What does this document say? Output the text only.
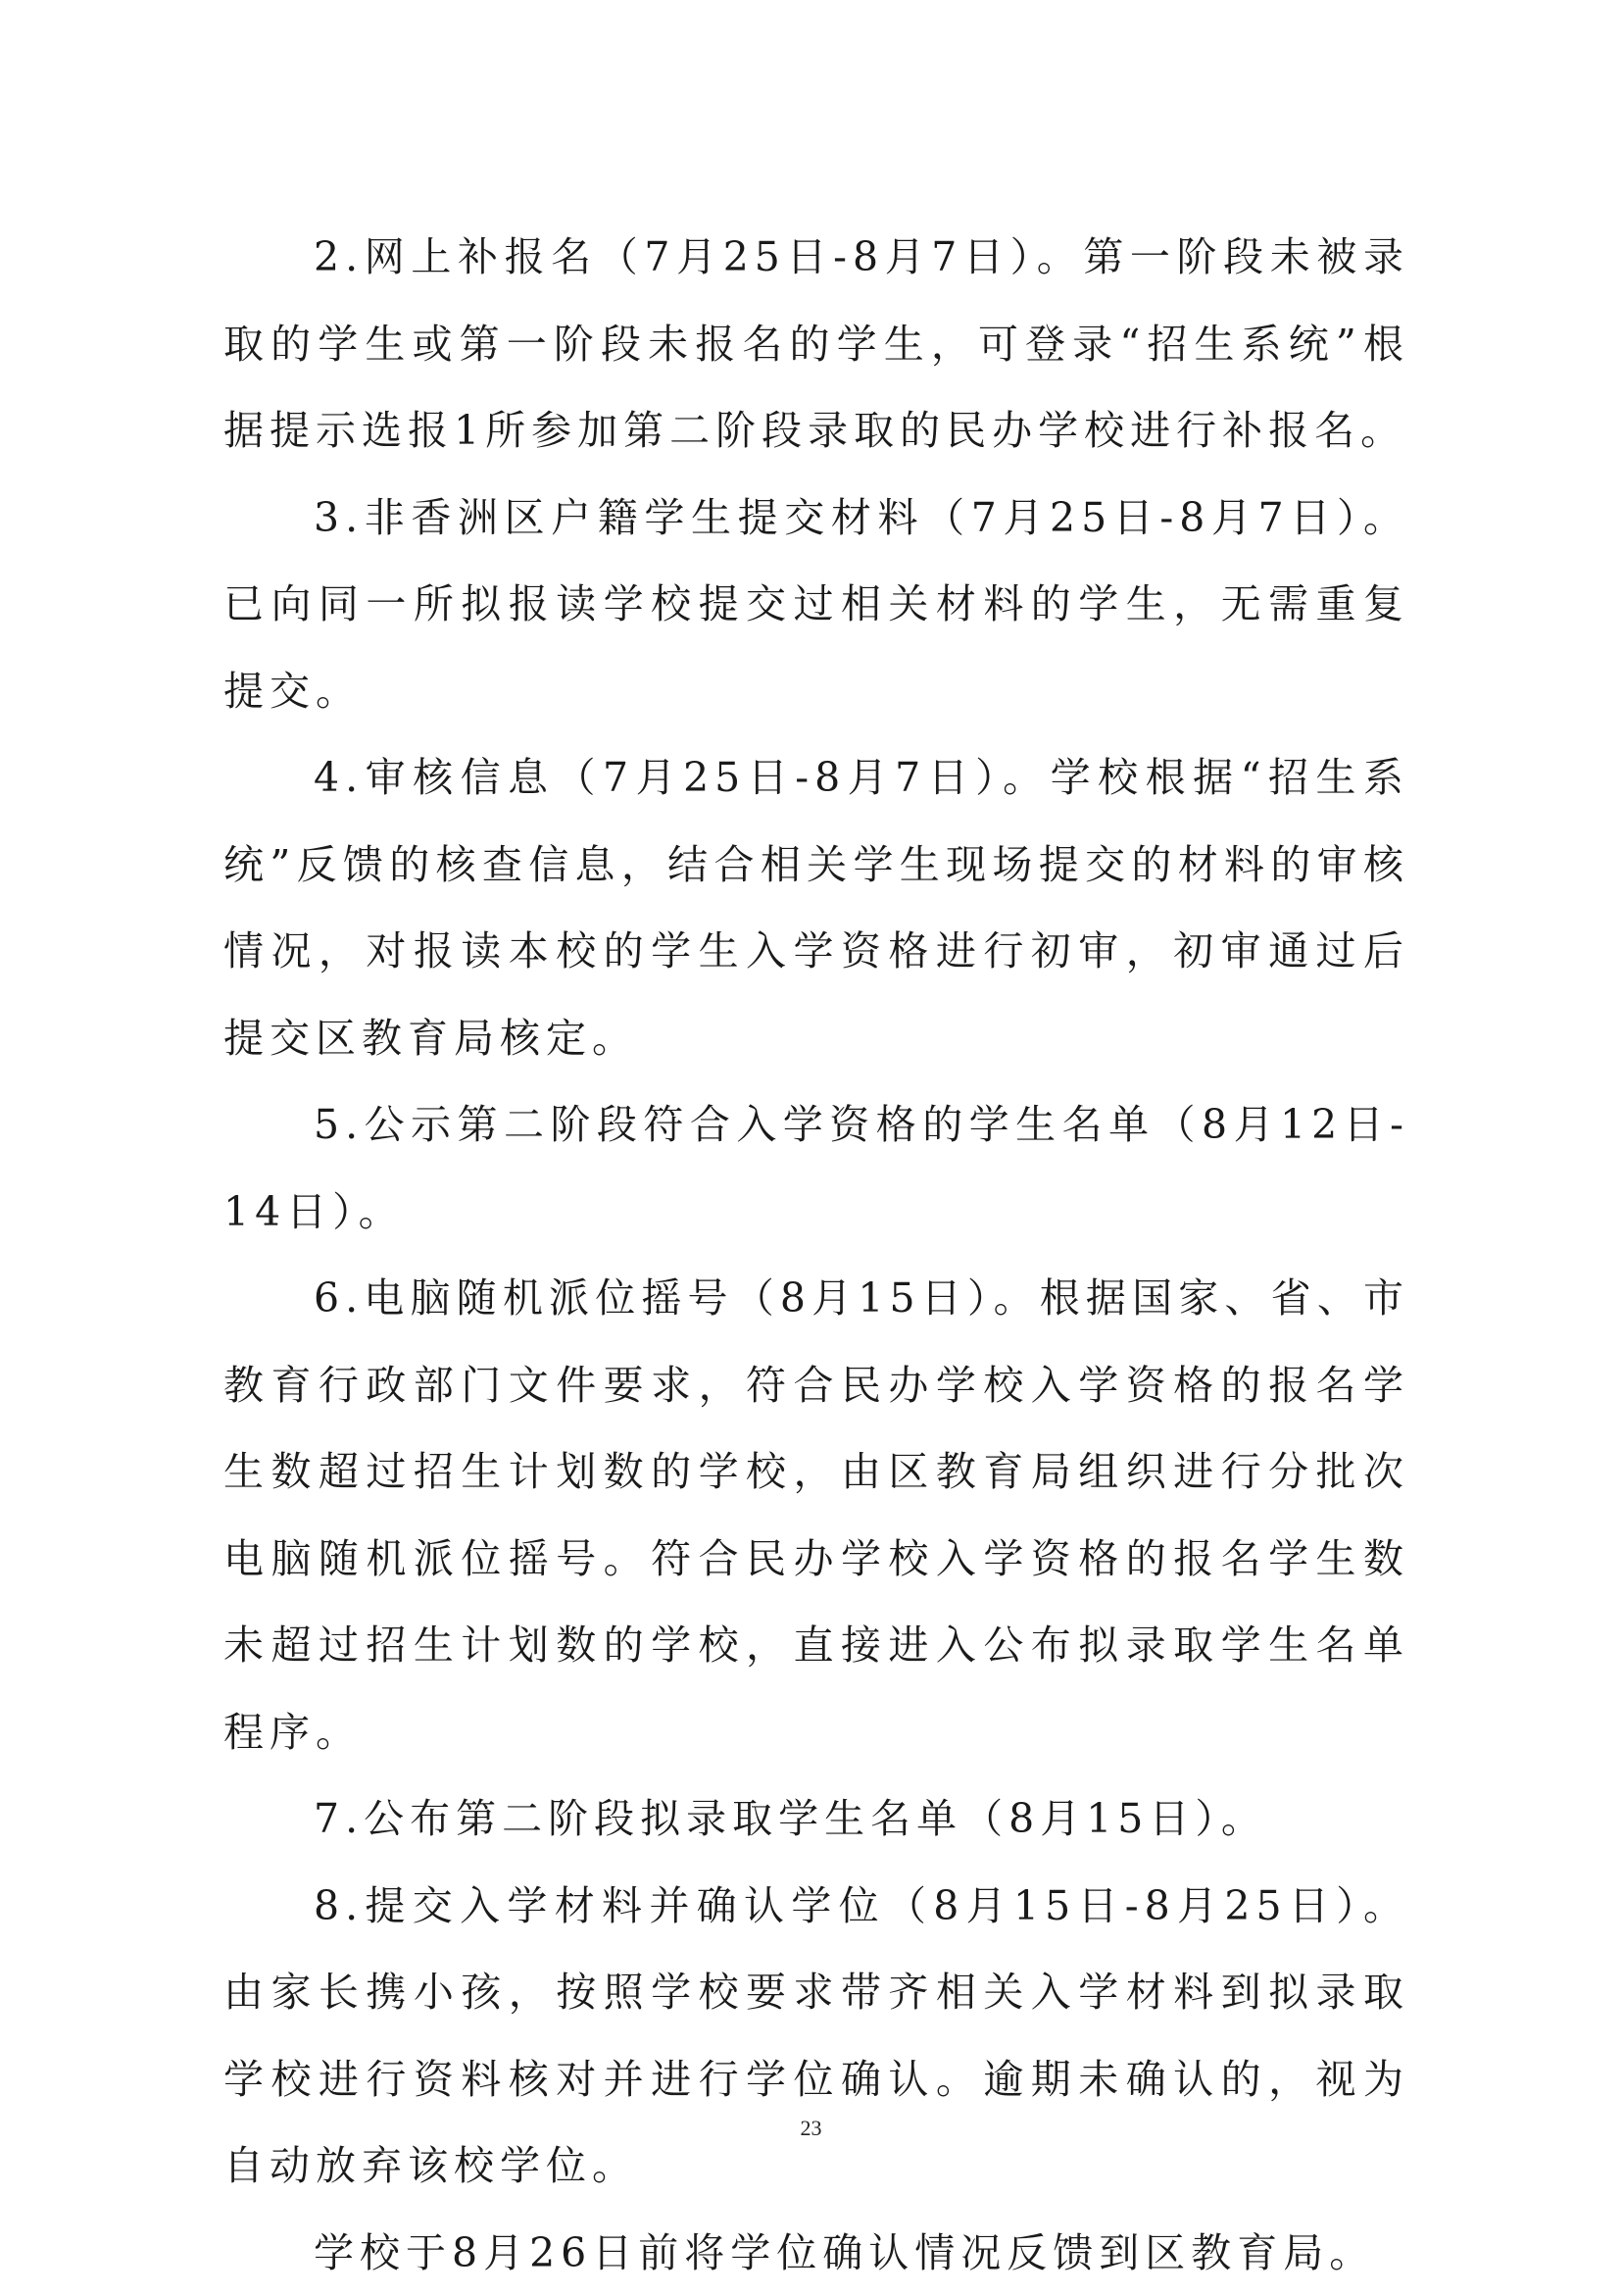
2.网上补报名（7月25日-8月7日）。第一阶段未被录取的学生或第一阶段未报名的学生，可登录“招生系统”根据提示选报1所参加第二阶段录取的民办学校进行补报名。

3.非香洲区户籍学生提交材料（7月25日-8月7日）。已向同一所拟报读学校提交过相关材料的学生，无需重复提交。

4.审核信息（7月25日-8月7日）。学校根据“招生系统”反馈的核查信息，结合相关学生现场提交的材料的审核情况，对报读本校的学生入学资格进行初审，初审通过后提交区教育局核定。

5.公示第二阶段符合入学资格的学生名单（8月12日-14日）。

6.电脑随机派位摇号（8月15日）。根据国家、省、市教育行政部门文件要求，符合民办学校入学资格的报名学生数超过招生计划数的学校，由区教育局组织进行分批次电脑随机派位摇号。符合民办学校入学资格的报名学生数未超过招生计划数的学校，直接进入公布拟录取学生名单程序。

7.公布第二阶段拟录取学生名单（8月15日）。

8.提交入学材料并确认学位（8月15日-8月25日）。由家长携小孩，按照学校要求带齐相关入学材料到拟录取学校进行资料核对并进行学位确认。逾期未确认的，视为自动放弃该校学位。

学校于8月26日前将学位确认情况反馈到区教育局。

23
